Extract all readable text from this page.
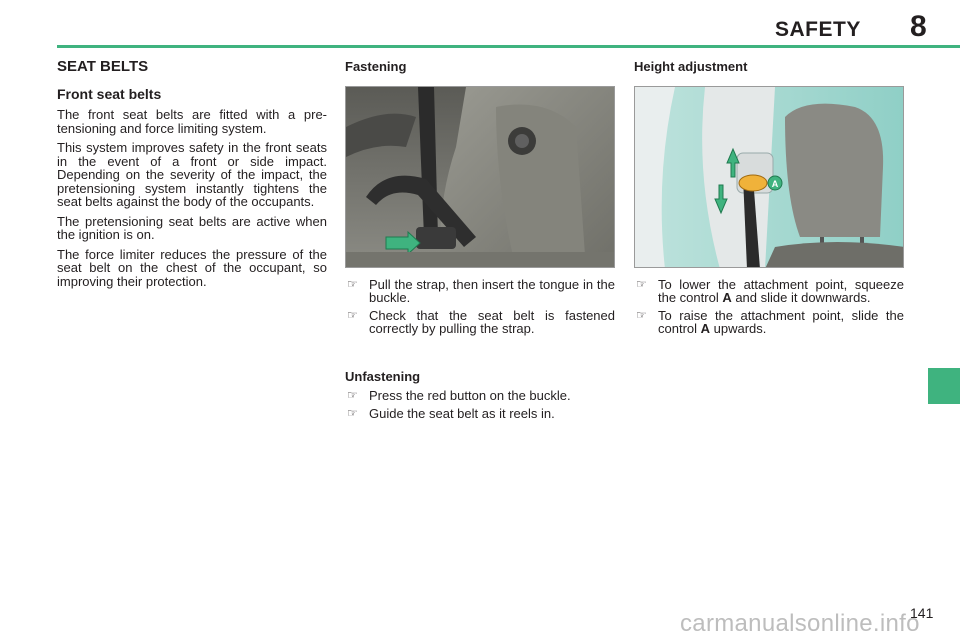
SAFETY 8
SEAT BELTS
Front seat belts

The front seat belts are fitted with a pre-tensioning and force limiting system.

This system improves safety in the front seats in the event of a front or side impact. Depending on the severity of the impact, the pretensioning system instantly tightens the seat belts against the body of the occupants.

The pretensioning seat belts are active when the ignition is on.

The force limiter reduces the pressure of the seat belt on the chest of the occupant, so improving their protection.

Fastening
☞ Pull the strap, then insert the tongue in the buckle.
☞ Check that the seat belt is fastened correctly by pulling the strap.
Unfastening
☞ Press the red button on the buckle.
☞ Guide the seat belt as it reels in.
Height adjustment
A
☞ To lower the attachment point, squeeze the control A and slide it downwards.
☞ To raise the attachment point, slide the control A upwards.
141
carmanualsonline.info
